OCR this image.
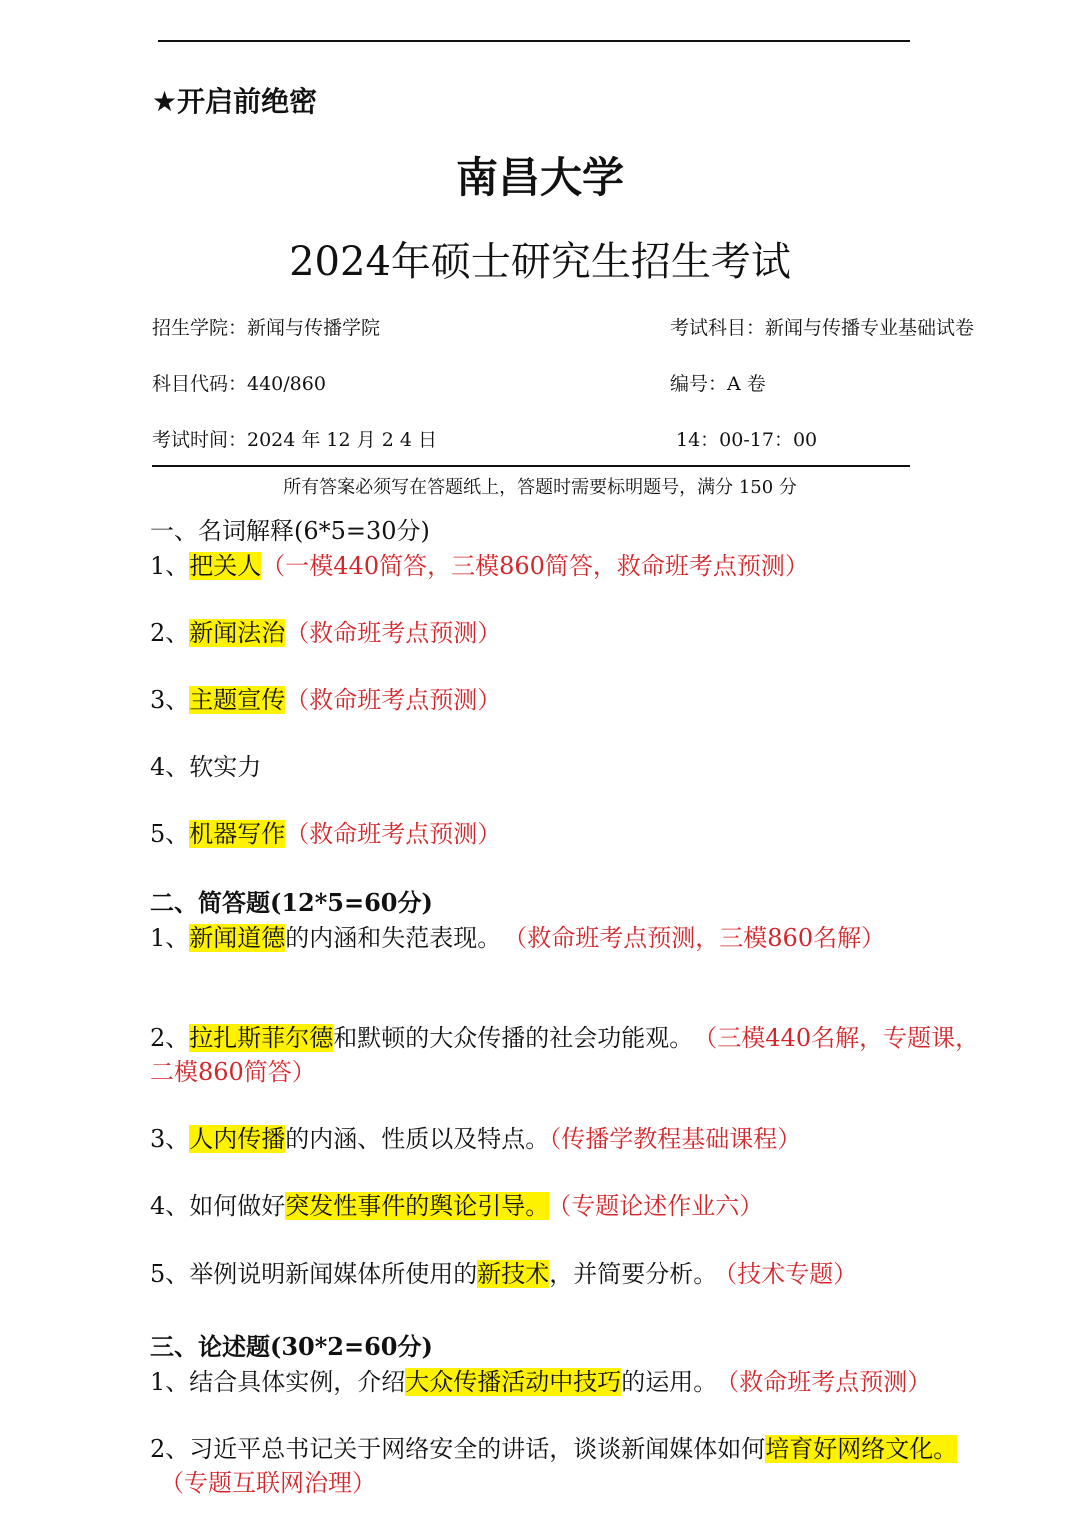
★开启前绝密
南昌大学
2024年硕士研究生招生考试
招生学院：新闻与传播学院	考试科目：新闻与传播专业基础试卷
科目代码：440/860	编号：A 卷
考试时间：2024 年 12 月 2 4 日	14：00-17：00
所有答案必须写在答题纸上，答题时需要标明题号，满分 150 分
一、名词解释(6*5=30分)
1、把关人（一模440简答，三模860简答，救命班考点预测）
2、新闻法治（救命班考点预测）
3、主题宣传（救命班考点预测）
4、软实力
5、机器写作（救命班考点预测）
二、简答题(12*5=60分)
1、新闻道德的内涵和失范表现。 （救命班考点预测，三模860名解）
2、拉扎斯菲尔德和默顿的大众传播的社会功能观。 （三模440名解，专题课，
二模860简答）
3、人内传播的内涵、性质以及特点。（传播学教程基础课程）
4、如何做好突发性事件的舆论引导。 （专题论述作业六）
5、举例说明新闻媒体所使用的新技术，并简要分析。 （技术专题）
三、论述题(30*2=60分)
1、结合具体实例，介绍大众传播活动中技巧的运用。 （救命班考点预测）
2、习近平总书记关于网络安全的讲话，谈谈新闻媒体如何培育好网络文化。
（专题互联网治理）
